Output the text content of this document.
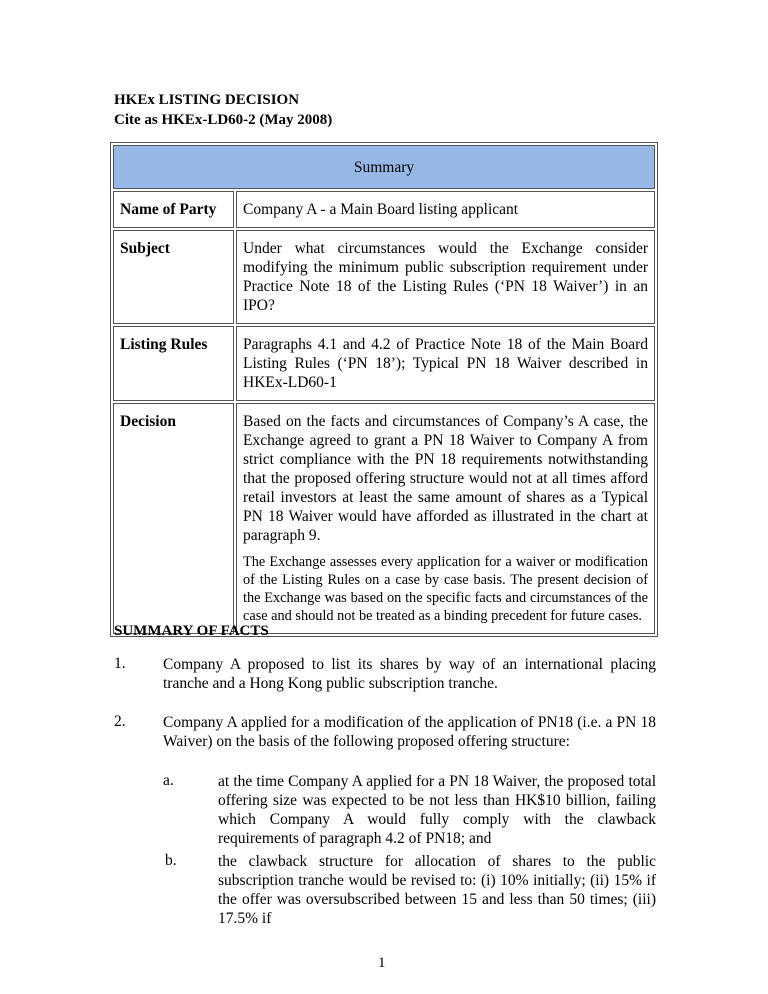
HKEx LISTING DECISION
Cite as HKEx-LD60-2 (May 2008)
Summary	
Name of Party	Company A - a Main Board listing applicant
Subject	Under what circumstances would the Exchange consider modifying the minimum public subscription requirement under Practice Note 18 of the Listing Rules (‘PN 18 Waiver’) in an IPO?
Listing Rules	Paragraphs 4.1 and 4.2 of Practice Note 18 of the Main Board Listing Rules (‘PN 18’); Typical PN 18 Waiver described in HKEx-LD60-1
Decision	Based on the facts and circumstances of Company’s A case, the Exchange agreed to grant a PN 18 Waiver to Company A from strict compliance with the PN 18 requirements notwithstanding that the proposed offering structure would not at all times afford retail investors at least the same amount of shares as a Typical PN 18 Waiver would have afforded as illustrated in the chart at paragraph 9.

The Exchange assesses every application for a waiver or modification of the Listing Rules on a case by case basis. The present decision of the Exchange was based on the specific facts and circumstances of the case and should not be treated as a binding precedent for future cases.

SUMMARY OF FACTS
1. Company A proposed to list its shares by way of an international placing tranche and a Hong Kong public subscription tranche.
2. Company A applied for a modification of the application of PN18 (i.e. a PN 18 Waiver) on the basis of the following proposed offering structure:
a.	at the time Company A applied for a PN 18 Waiver, the proposed total offering size was expected to be not less than HK$10 billion, failing which Company A would fully comply with the clawback requirements of paragraph 4.2 of PN18; and
b.	the clawback structure for allocation of shares to the public subscription tranche would be revised to: (i) 10% initially; (ii) 15% if the offer was oversubscribed between 15 and less than 50 times; (iii) 17.5% if
1
